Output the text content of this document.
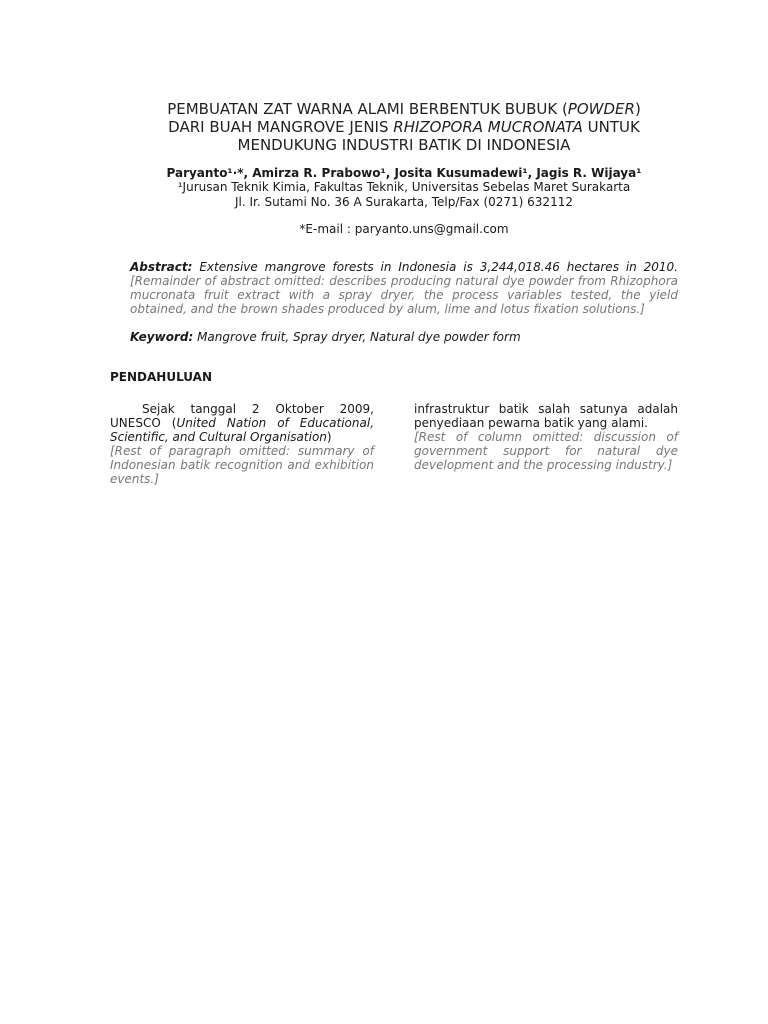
PEMBUATAN ZAT WARNA ALAMI BERBENTUK BUBUK (POWDER)
DARI BUAH MANGROVE JENIS RHIZOPORA MUCRONATA UNTUK
MENDUKUNG INDUSTRI BATIK DI INDONESIA
Paryanto¹·*, Amirza R. Prabowo¹, Josita Kusumadewi¹, Jagis R. Wijaya¹
¹Jurusan Teknik Kimia, Fakultas Teknik, Universitas Sebelas Maret Surakarta
Jl. Ir. Sutami No. 36 A Surakarta, Telp/Fax (0271) 632112
*E-mail : paryanto.uns@gmail.com
Abstract: Extensive mangrove forests in Indonesia is 3,244,018.46 hectares in 2010. [Remainder of abstract omitted: describes producing natural dye powder from Rhizophora mucronata fruit extract with a spray dryer, the process variables tested, the yield obtained, and the brown shades produced by alum, lime and lotus fixation solutions.]
Keyword: Mangrove fruit, Spray dryer, Natural dye powder form
PENDAHULUAN

Sejak tanggal 2 Oktober 2009, UNESCO (United Nation of Educational, Scientific, and Cultural Organisation)

[Rest of paragraph omitted: summary of Indonesian batik recognition and exhibition events.]

infrastruktur batik salah satunya adalah penyediaan pewarna batik yang alami.

[Rest of column omitted: discussion of government support for natural dye development and the processing industry.]
